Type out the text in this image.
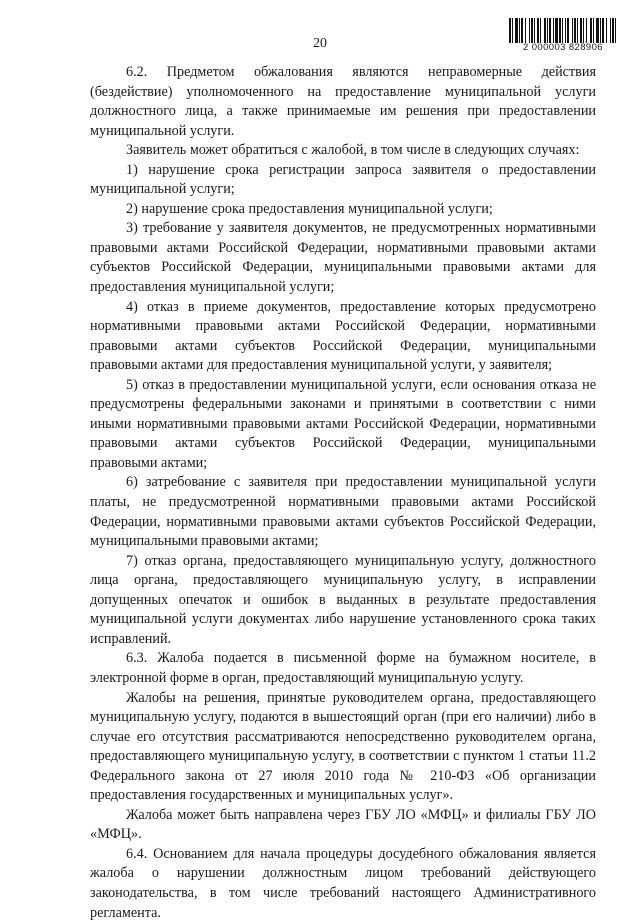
20	2 000003 828906

6.2. Предметом обжалования являются неправомерные действия (бездействие) уполномоченного на предоставление муниципальной услуги должностного лица, а также принимаемые им решения при предоставлении муниципальной услуги.

Заявитель может обратиться с жалобой, в том числе в следующих случаях:

1) нарушение срока регистрации запроса заявителя о предоставлении муниципальной услуги;

2) нарушение срока предоставления муниципальной услуги;

3) требование у заявителя документов, не предусмотренных нормативными правовыми актами Российской Федерации, нормативными правовыми актами субъектов Российской Федерации, муниципальными правовыми актами для предоставления муниципальной услуги;

4) отказ в приеме документов, предоставление которых предусмотрено нормативными правовыми актами Российской Федерации, нормативными правовыми актами субъектов Российской Федерации, муниципальными правовыми актами для предоставления муниципальной услуги, у заявителя;

5) отказ в предоставлении муниципальной услуги, если основания отказа не предусмотрены федеральными законами и принятыми в соответствии с ними иными нормативными правовыми актами Российской Федерации, нормативными правовыми актами субъектов Российской Федерации, муниципальными правовыми актами;

6) затребование с заявителя при предоставлении муниципальной услуги платы, не предусмотренной нормативными правовыми актами Российской Федерации, нормативными правовыми актами субъектов Российской Федерации, муниципальными правовыми актами;

7) отказ органа, предоставляющего муниципальную услугу, должностного лица органа, предоставляющего муниципальную услугу, в исправлении допущенных опечаток и ошибок в выданных в результате предоставления муниципальной услуги документах либо нарушение установленного срока таких исправлений.

6.3. Жалоба подается в письменной форме на бумажном носителе, в электронной форме в орган, предоставляющий муниципальную услугу.

Жалобы на решения, принятые руководителем органа, предоставляющего муниципальную услугу, подаются в вышестоящий орган (при его наличии) либо в случае его отсутствия рассматриваются непосредственно руководителем органа, предоставляющего муниципальную услугу, в соответствии с пунктом 1 статьи 11.2 Федерального закона от 27 июля 2010 года № 210-ФЗ «Об организации предоставления государственных и муниципальных услуг».

Жалоба может быть направлена через ГБУ ЛО «МФЦ» и филиалы ГБУ ЛО «МФЦ».

6.4. Основанием для начала процедуры досудебного обжалования является жалоба о нарушении должностным лицом требований действующего законодательства, в том числе требований настоящего Административного регламента.
